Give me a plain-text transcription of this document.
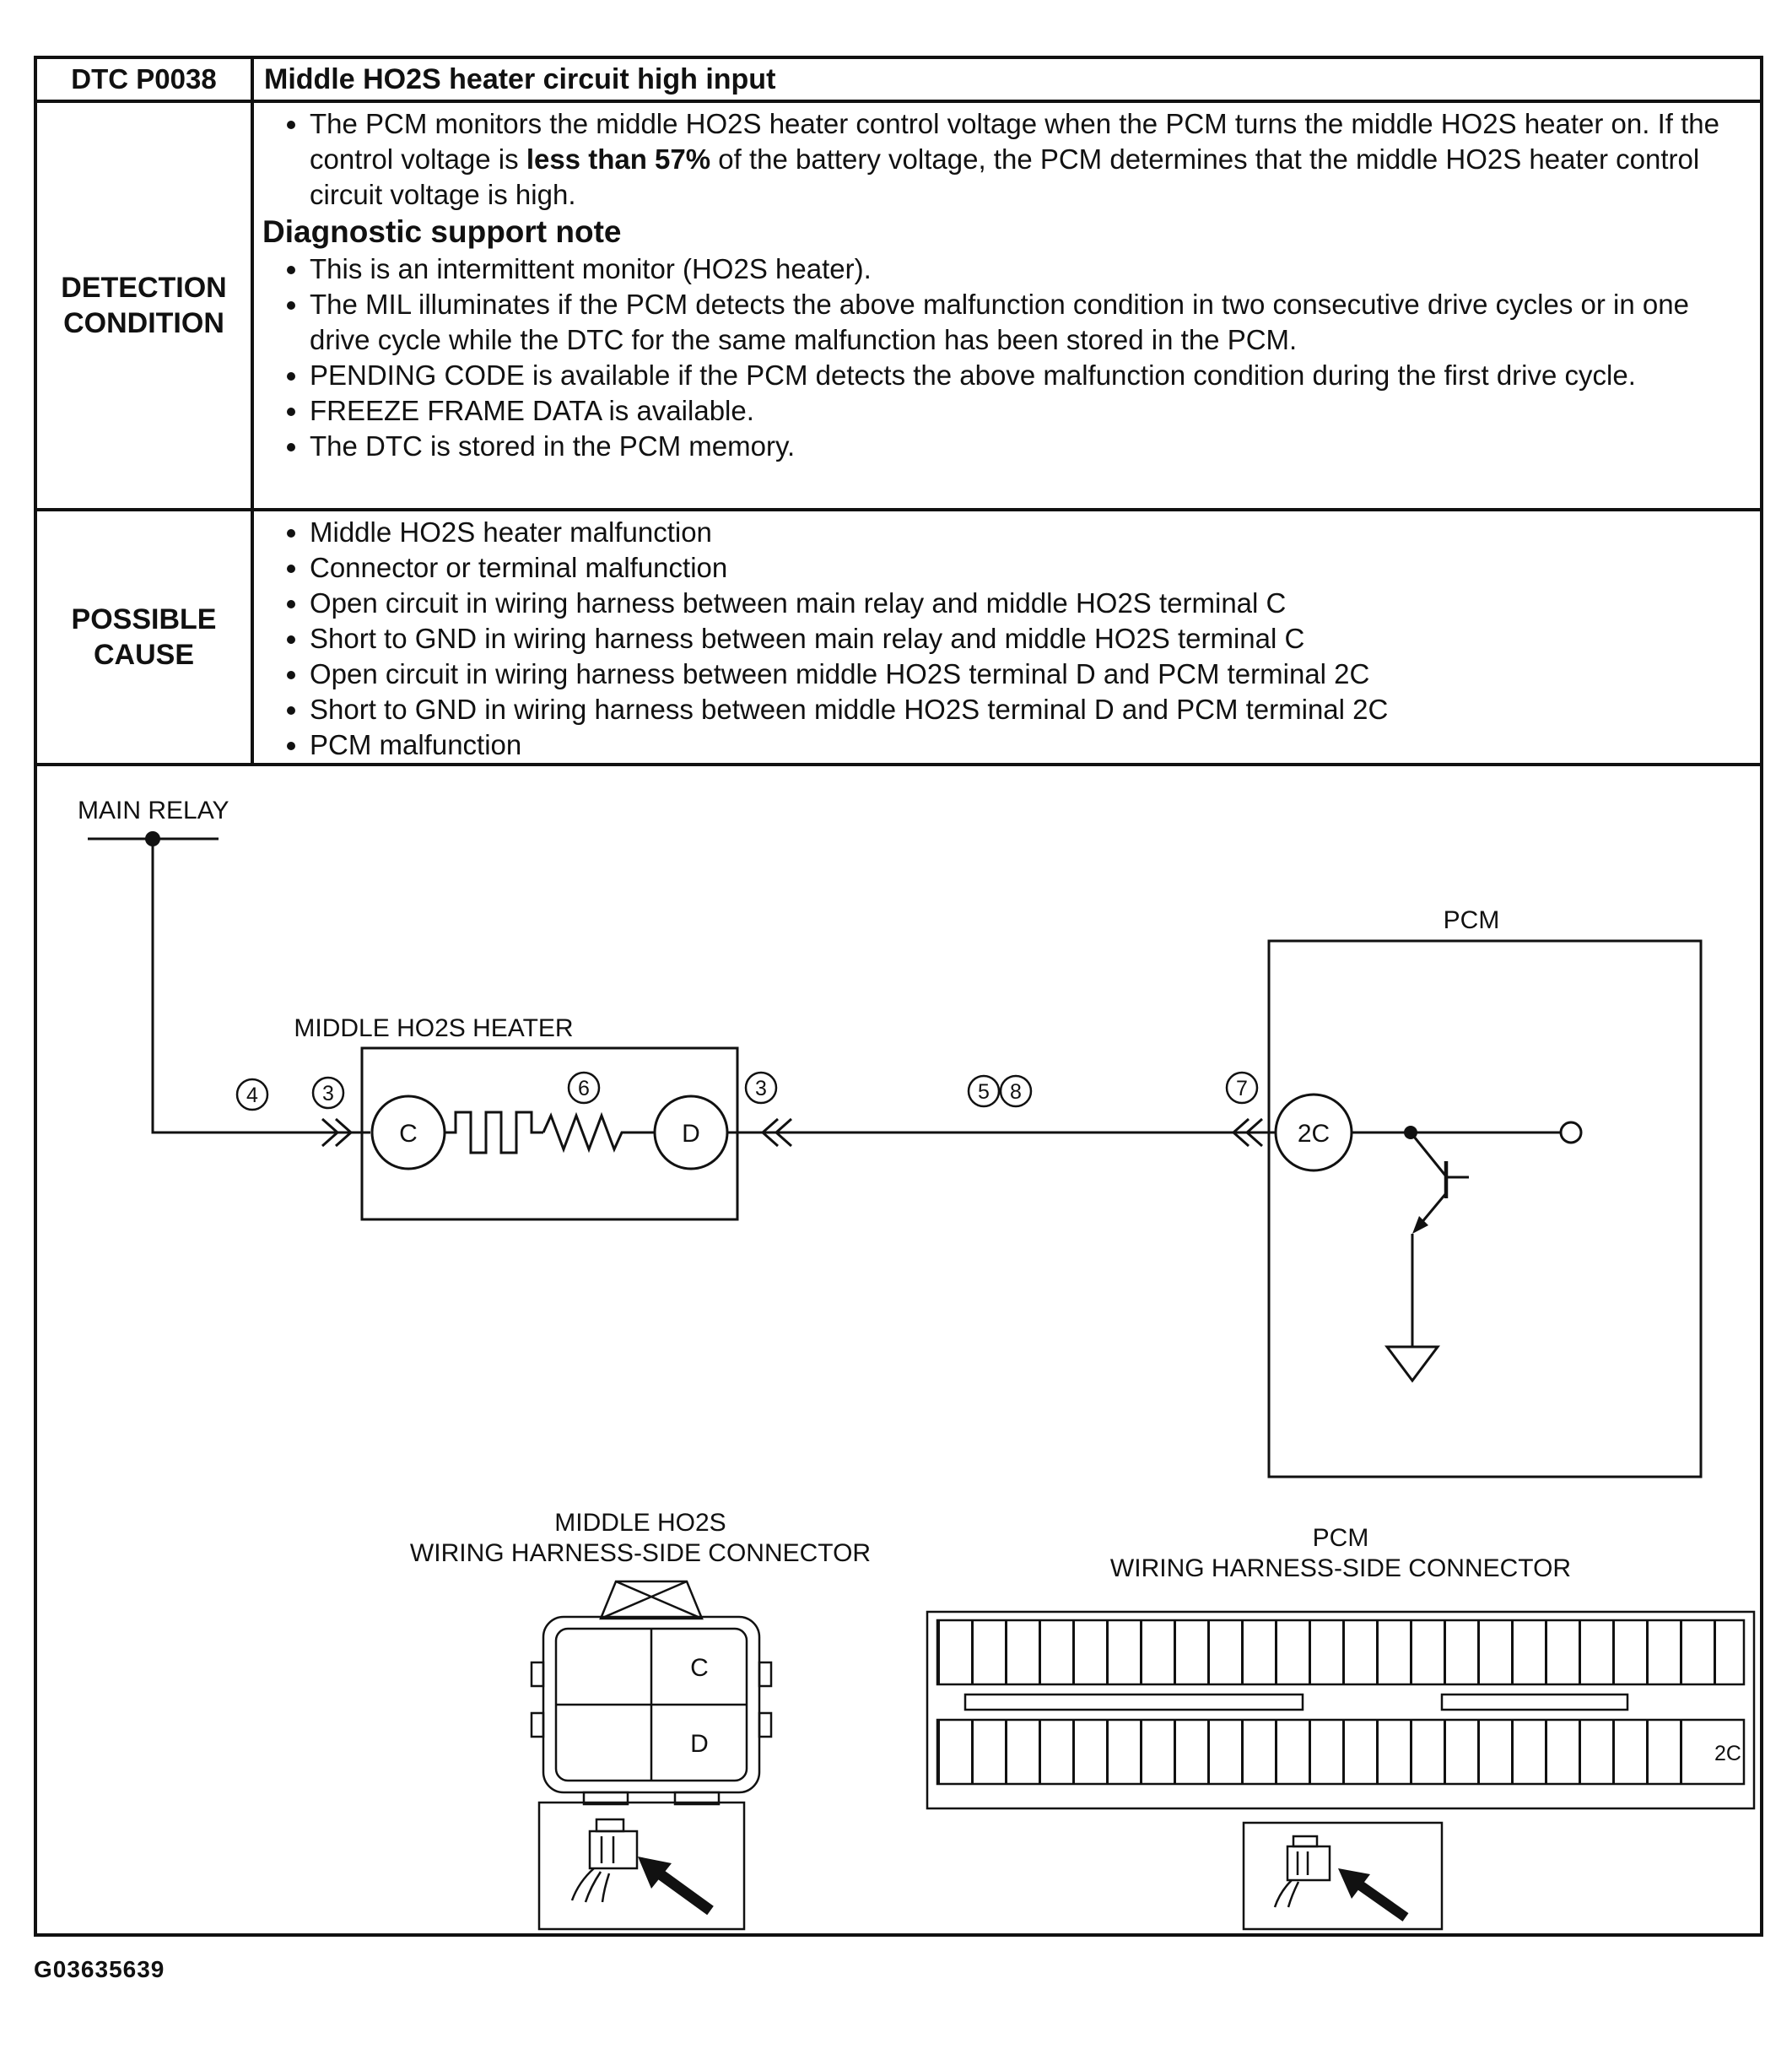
DTC P0038 Middle HO2S heater circuit high input
DETECTION
CONDITION
• The PCM monitors the middle HO2S heater control voltage when the PCM turns the middle HO2S heater on. If the control voltage is less than 57% of the battery voltage, the PCM determines that the middle HO2S heater control circuit voltage is high.
Diagnostic support note
• This is an intermittent monitor (HO2S heater).
• The MIL illuminates if the PCM detects the above malfunction condition in two consecutive drive cycles or in one drive cycle while the DTC for the same malfunction has been stored in the PCM.
• PENDING CODE is available if the PCM detects the above malfunction condition during the first drive cycle.
• FREEZE FRAME DATA is available.
• The DTC is stored in the PCM memory.
POSSIBLE
CAUSE
• Middle HO2S heater malfunction
• Connector or terminal malfunction
• Open circuit in wiring harness between main relay and middle HO2S terminal C
• Short to GND in wiring harness between main relay and middle HO2S terminal C
• Open circuit in wiring harness between middle HO2S terminal D and PCM terminal 2C
• Short to GND in wiring harness between middle HO2S terminal D and PCM terminal 2C
• PCM malfunction
MAIN RELAY
MIDDLE HO2S HEATER
C	D
4	3	6	3	5 8	7
PCM
2C
MIDDLE HO2S
WIRING HARNESS-SIDE CONNECTOR
C
D
PCM
WIRING HARNESS-SIDE CONNECTOR
2C
G03635639
